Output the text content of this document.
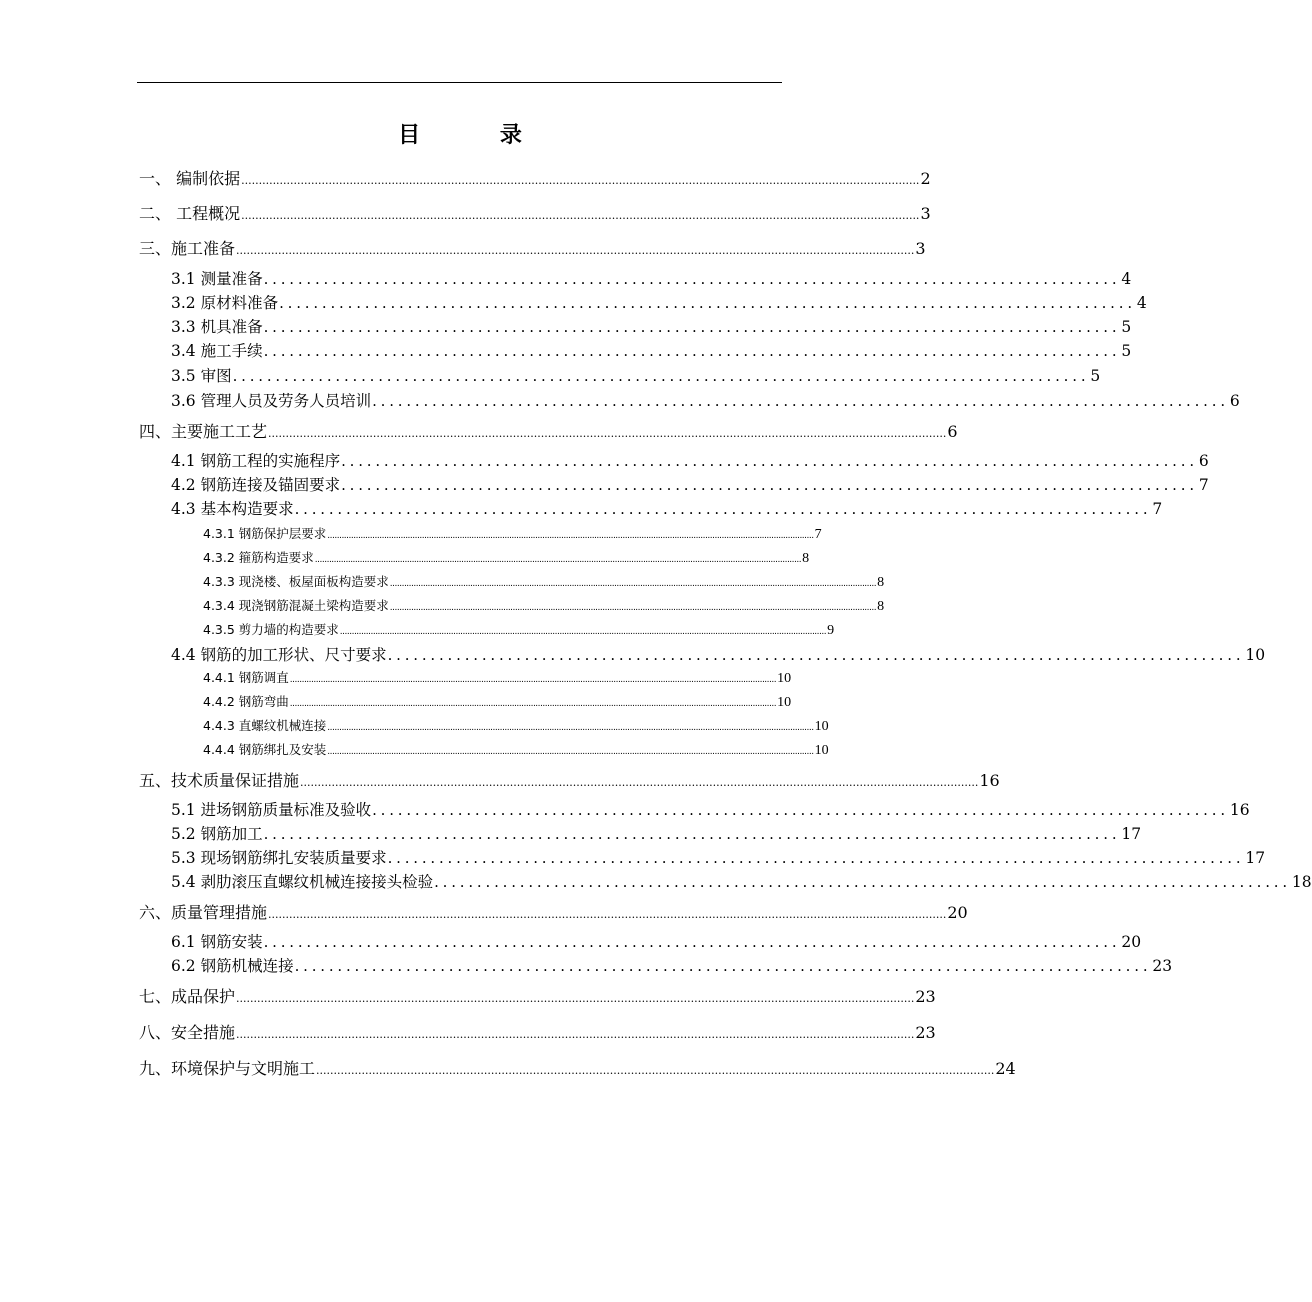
目 录
一、 编制依据 .................................................................................................................................................................................................. 2
二、 工程概况 .................................................................................................................................................................................................. 3
三、施工准备 .................................................................................................................................................................................................. 3
3.1 测量准备 .................................................................................................... 4
3.2 原材料准备 .................................................................................................... 4
3.3 机具准备 .................................................................................................... 5
3.4 施工手续 .................................................................................................... 5
3.5 审图 .................................................................................................... 5
3.6 管理人员及劳务人员培训 .................................................................................................... 6
四、主要施工工艺 .................................................................................................................................................................................................. 6
4.1 钢筋工程的实施程序 .................................................................................................... 6
4.2 钢筋连接及锚固要求 .................................................................................................... 7
4.3 基本构造要求 .................................................................................................... 7
4.3.1 钢筋保护层要求 .............................................................................................................................................................................................................. 7
4.3.2 箍筋构造要求 .............................................................................................................................................................................................................. 8
4.3.3 现浇楼、板屋面板构造要求 .............................................................................................................................................................................................................. 8
4.3.4 现浇钢筋混凝土梁构造要求 .............................................................................................................................................................................................................. 8
4.3.5 剪力墙的构造要求 .............................................................................................................................................................................................................. 9
4.4 钢筋的加工形状、尺寸要求 .................................................................................................... 10
4.4.1 钢筋调直 .............................................................................................................................................................................................................. 10
4.4.2 钢筋弯曲 .............................................................................................................................................................................................................. 10
4.4.3 直螺纹机械连接 .............................................................................................................................................................................................................. 10
4.4.4 钢筋绑扎及安装 .............................................................................................................................................................................................................. 10
五、技术质量保证措施 .................................................................................................................................................................................................. 16
5.1 进场钢筋质量标准及验收 .................................................................................................... 16
5.2 钢筋加工 .................................................................................................... 17
5.3 现场钢筋绑扎安装质量要求 .................................................................................................... 17
5.4 剥肋滚压直螺纹机械连接接头检验 .................................................................................................... 18
六、质量管理措施 .................................................................................................................................................................................................. 20
6.1 钢筋安装 .................................................................................................... 20
6.2 钢筋机械连接 .................................................................................................... 23
七、成品保护 .................................................................................................................................................................................................. 23
八、安全措施 .................................................................................................................................................................................................. 23
九、环境保护与文明施工 .................................................................................................................................................................................................. 24
